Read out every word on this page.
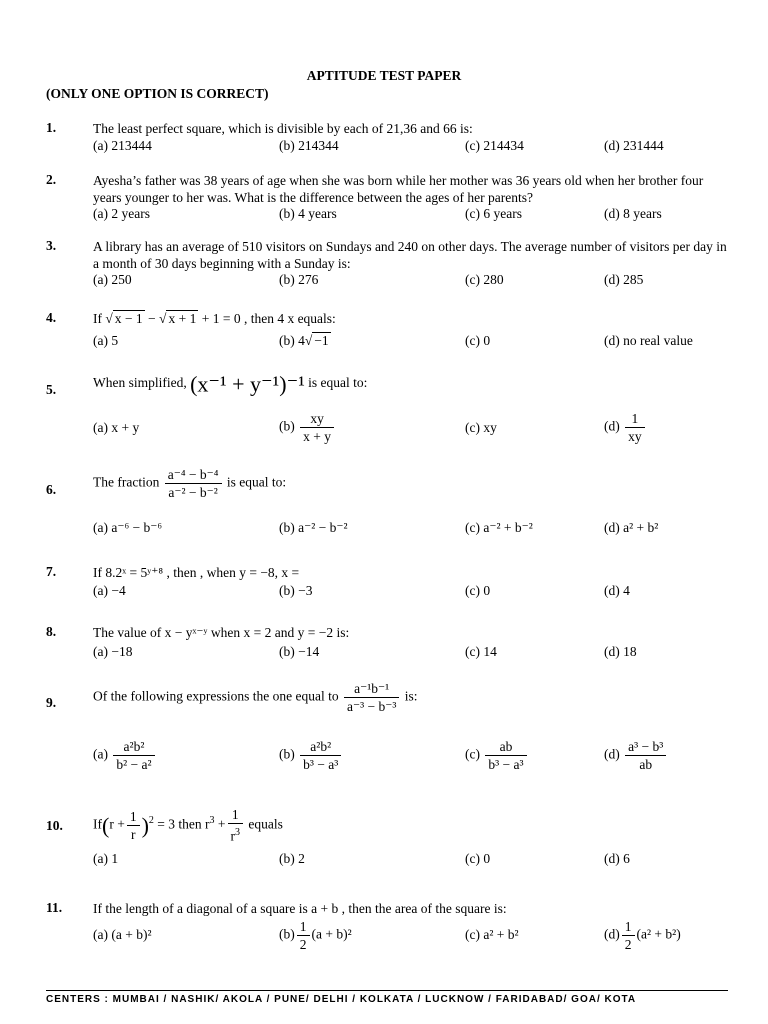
APTITUDE TEST PAPER
(ONLY ONE OPTION IS CORRECT)
1.	The least perfect square, which is divisible by each of 21,36 and 66 is:
(a) 213444	(b) 214344	(c) 214434	(d) 231444
2.	Ayesha’s father was 38 years of age when she was born while her mother was 36 years old when her brother four years younger to her was. What is the difference between the ages of her parents?
(a) 2 years	(b) 4 years	(c) 6 years	(d) 8 years
3.	A library has an average of 510 visitors on Sundays and 240 on other days. The average number of visitors per day in a month of 30 days beginning with a Sunday is:
(a) 250	(b) 276	(c) 280	(d) 285
4.	If √ x − 1 − √ x + 1 + 1 = 0 , then 4 x equals:
(a) 5	(b) 4√ −1	(c) 0	(d) no real value
5.	When simplified, (x⁻¹ + y⁻¹)⁻¹ is equal to:
(a) x + y	$(b) \frac{xy}{x + y}$	(c) xy	$(d) \frac{1}{xy}$
6.	The fraction $\frac{\text{a⁻⁴ − b⁻⁴}}{\text{a⁻² − b⁻²}}$ is equal to:
(a) a⁻⁶ − b⁻⁶	(b) a⁻² − b⁻²	(c) a⁻² + b⁻²	(d) a² + b²
7.	If 8.2ˣ = 5ʸ⁺⁸ , then , when y = −8, x =
(a) −4	(b) −3	(c) 0	(d) 4
8.	The value of x − yˣ⁻ʸ when x = 2 and y = −2 is:
(a) −18	(b) −14	(c) 14	(d) 18
9.	Of the following expressions the one equal to $\frac{\text{a⁻¹b⁻¹}}{\text{a⁻³ − b⁻³}}$ is:
$(a) \frac{\text{a²b²}}{\text{b² − a²}}$	$(b) \frac{\text{a²b²}}{\text{b³ − a³}}$	$(c) \frac{ab}{\text{b³ − a³}}$	$(d) \frac{\text{a³ − b³}}{ab}$
10. $If(r + \frac{1}{r} )^2 = 3$ then $r^3 + \frac{1}{r^3}$ equals
(a) 1	(b) 2	(c) 0	(d) 6
11. If the length of a diagonal of a square is a + b , then the area of the square is:
(a) (a + b)²	$(b) \frac{1}{2} (a + b)^2$	(c) a² + b²	$(d) \frac{1}{2} (a^2 + b^2)$
CENTERS : MUMBAI / NASHIK/ AKOLA / PUNE/ DELHI / KOLKATA / LUCKNOW / FARIDABAD/ GOA/ KOTA
